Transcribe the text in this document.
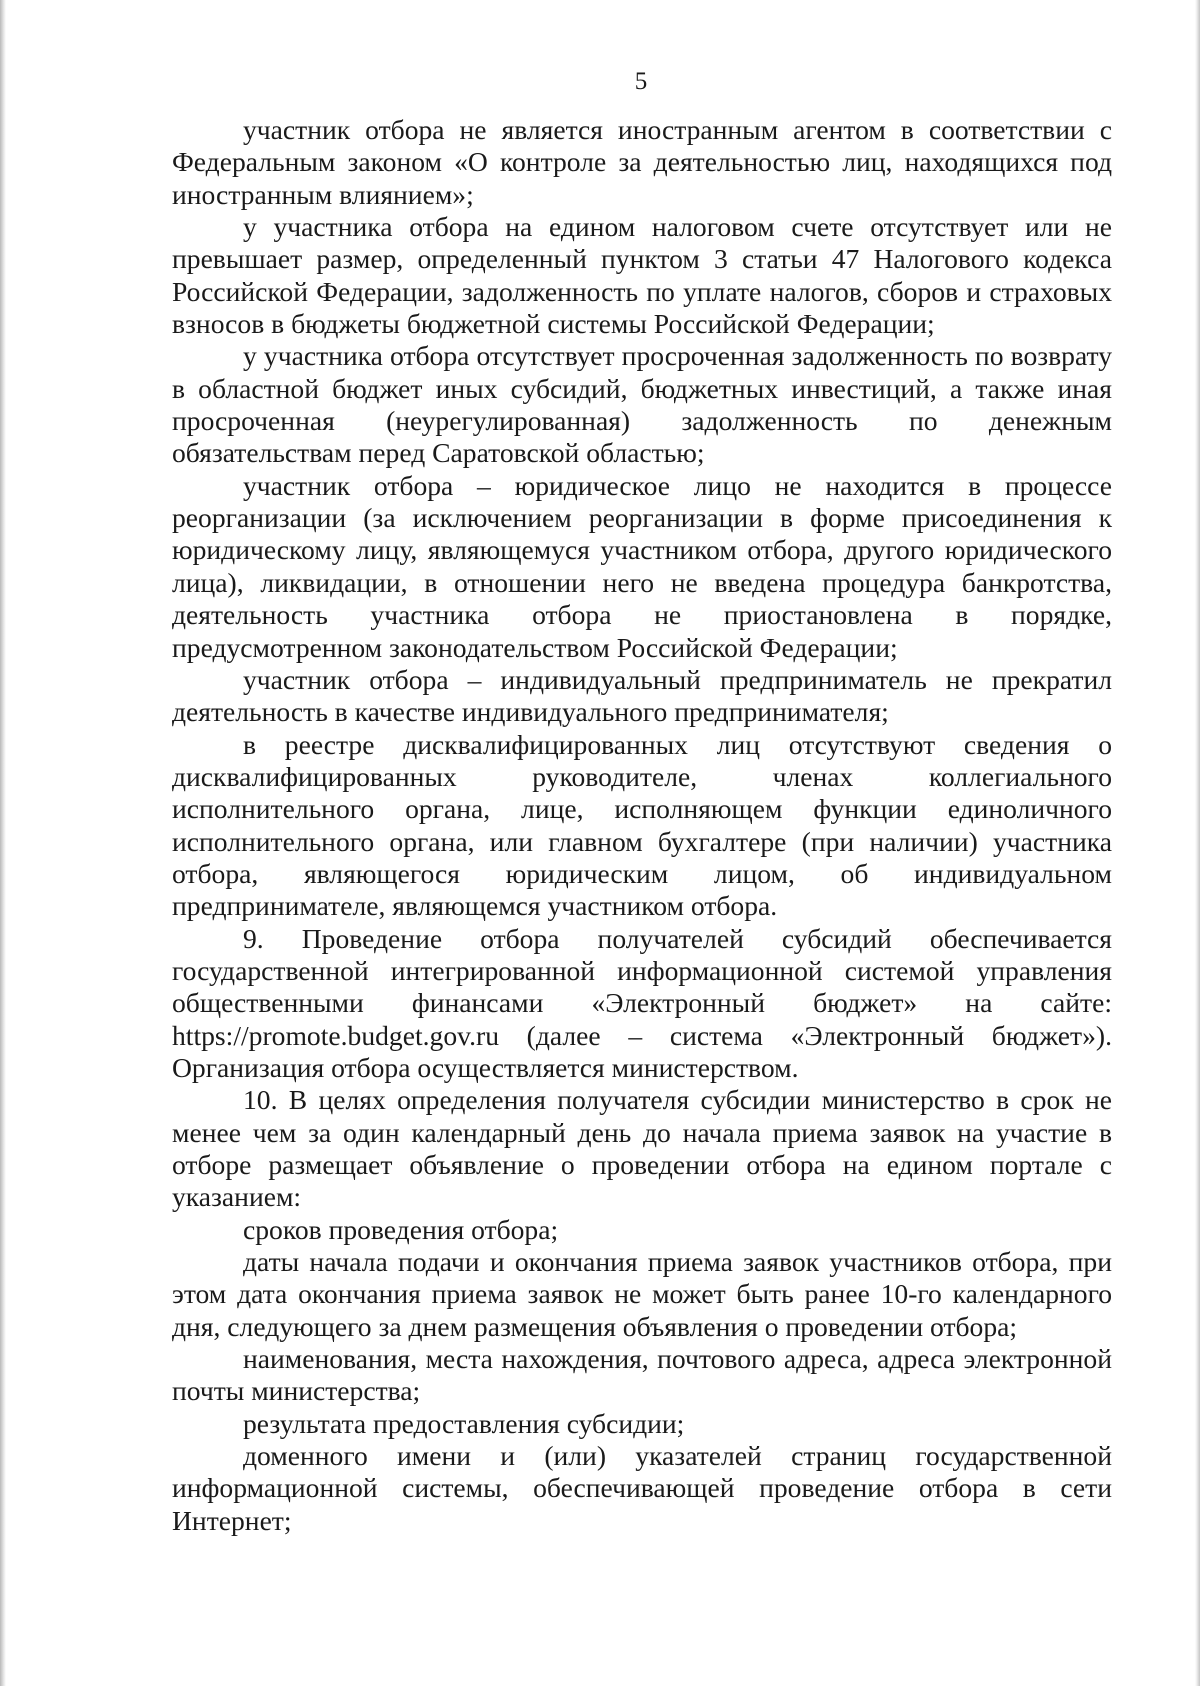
5

участник отбора не является иностранным агентом в соответствии с Федеральным законом «О контроле за деятельностью лиц, находящихся под иностранным влиянием»;

у участника отбора на едином налоговом счете отсутствует или не превышает размер, определенный пунктом 3 статьи 47 Налогового кодекса Российской Федерации, задолженность по уплате налогов, сборов и страховых взносов в бюджеты бюджетной системы Российской Федерации;

у участника отбора отсутствует просроченная задолженность по возврату в областной бюджет иных субсидий, бюджетных инвестиций, а также иная просроченная (неурегулированная) задолженность по денежным обязательствам перед Саратовской областью;

участник отбора – юридическое лицо не находится в процессе реорганизации (за исключением реорганизации в форме присоединения к юридическому лицу, являющемуся участником отбора, другого юридического лица), ликвидации, в отношении него не введена процедура банкротства, деятельность участника отбора не приостановлена в порядке, предусмотренном законодательством Российской Федерации;

участник отбора – индивидуальный предприниматель не прекратил деятельность в качестве индивидуального предпринимателя;

в реестре дисквалифицированных лиц отсутствуют сведения о дисквалифицированных руководителе, членах коллегиального исполнительного органа, лице, исполняющем функции единоличного исполнительного органа, или главном бухгалтере (при наличии) участника отбора, являющегося юридическим лицом, об индивидуальном предпринимателе, являющемся участником отбора.

9. Проведение отбора получателей субсидий обеспечивается государственной интегрированной информационной системой управления общественными финансами «Электронный бюджет» на сайте: https://promote.budget.gov.ru (далее – система «Электронный бюджет»). Организация отбора осуществляется министерством.

10. В целях определения получателя субсидии министерство в срок не менее чем за один календарный день до начала приема заявок на участие в отборе размещает объявление о проведении отбора на едином портале с указанием:

сроков проведения отбора;

даты начала подачи и окончания приема заявок участников отбора, при этом дата окончания приема заявок не может быть ранее 10-го календарного дня, следующего за днем размещения объявления о проведении отбора;

наименования, места нахождения, почтового адреса, адреса электронной почты министерства;

результата предоставления субсидии;

доменного имени и (или) указателей страниц государственной информационной системы, обеспечивающей проведение отбора в сети Интернет;
